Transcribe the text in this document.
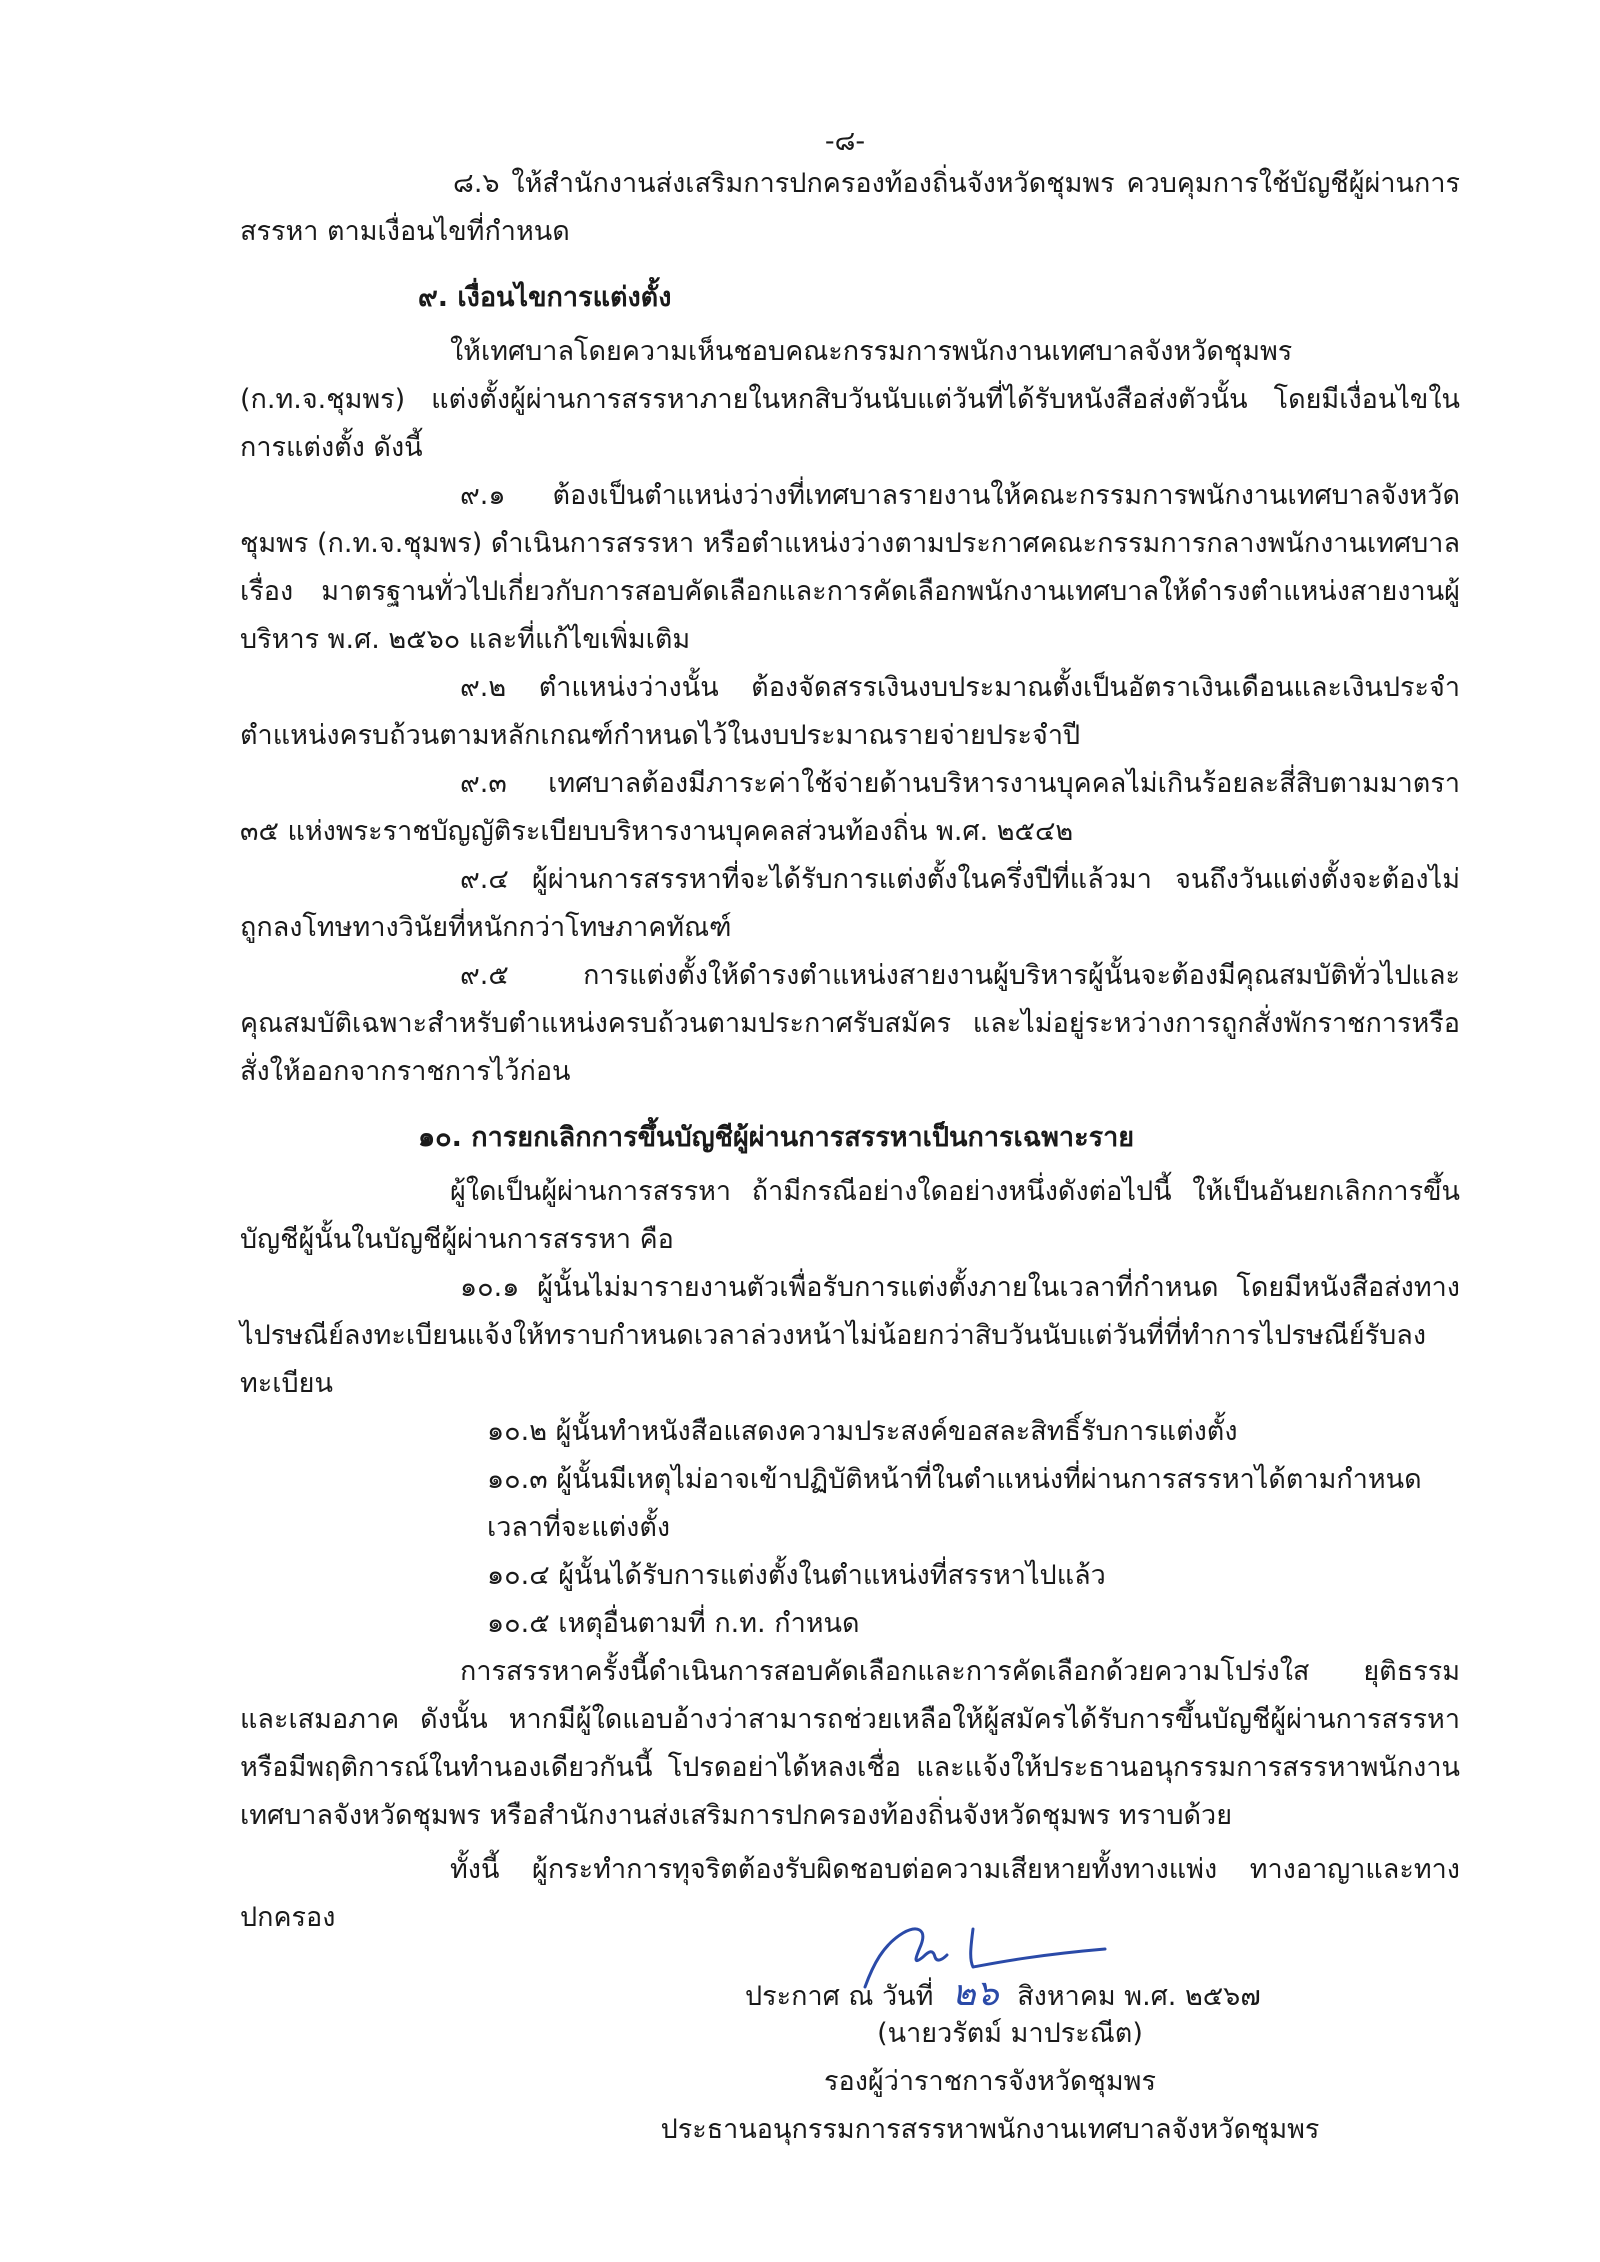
-๘-

๘.๖ ให้สำนักงานส่งเสริมการปกครองท้องถิ่นจังหวัดชุมพร ควบคุมการใช้บัญชีผู้ผ่านการสรรหา ตามเงื่อนไขที่กำหนด

๙. เงื่อนไขการแต่งตั้ง

ให้เทศบาลโดยความเห็นชอบคณะกรรมการพนักงานเทศบาลจังหวัดชุมพร (ก.ท.จ.ชุมพร) แต่งตั้งผู้ผ่านการสรรหาภายในหกสิบวันนับแต่วันที่ได้รับหนังสือส่งตัวนั้น โดยมีเงื่อนไขในการแต่งตั้ง ดังนี้

๙.๑ ต้องเป็นตำแหน่งว่างที่เทศบาลรายงานให้คณะกรรมการพนักงานเทศบาลจังหวัดชุมพร (ก.ท.จ.ชุมพร) ดำเนินการสรรหา หรือตำแหน่งว่างตามประกาศคณะกรรมการกลางพนักงานเทศบาล เรื่อง มาตรฐานทั่วไปเกี่ยวกับการสอบคัดเลือกและการคัดเลือกพนักงานเทศบาลให้ดำรงตำแหน่งสายงานผู้บริหาร พ.ศ. ๒๕๖๐ และที่แก้ไขเพิ่มเติม

๙.๒ ตำแหน่งว่างนั้น ต้องจัดสรรเงินงบประมาณตั้งเป็นอัตราเงินเดือนและเงินประจำตำแหน่งครบถ้วนตามหลักเกณฑ์กำหนดไว้ในงบประมาณรายจ่ายประจำปี

๙.๓ เทศบาลต้องมีภาระค่าใช้จ่ายด้านบริหารงานบุคคลไม่เกินร้อยละสี่สิบตามมาตรา ๓๕ แห่งพระราชบัญญัติระเบียบบริหารงานบุคคลส่วนท้องถิ่น พ.ศ. ๒๕๔๒

๙.๔ ผู้ผ่านการสรรหาที่จะได้รับการแต่งตั้งในครึ่งปีที่แล้วมา จนถึงวันแต่งตั้งจะต้องไม่ถูกลงโทษทางวินัยที่หนักกว่าโทษภาคทัณฑ์

๙.๕ การแต่งตั้งให้ดำรงตำแหน่งสายงานผู้บริหารผู้นั้นจะต้องมีคุณสมบัติทั่วไปและคุณสมบัติเฉพาะสำหรับตำแหน่งครบถ้วนตามประกาศรับสมัคร และไม่อยู่ระหว่างการถูกสั่งพักราชการหรือสั่งให้ออกจากราชการไว้ก่อน

๑๐. การยกเลิกการขึ้นบัญชีผู้ผ่านการสรรหาเป็นการเฉพาะราย

ผู้ใดเป็นผู้ผ่านการสรรหา ถ้ามีกรณีอย่างใดอย่างหนึ่งดังต่อไปนี้ ให้เป็นอันยกเลิกการขึ้นบัญชีผู้นั้นในบัญชีผู้ผ่านการสรรหา คือ

๑๐.๑ ผู้นั้นไม่มารายงานตัวเพื่อรับการแต่งตั้งภายในเวลาที่กำหนด โดยมีหนังสือส่งทางไปรษณีย์ลงทะเบียนแจ้งให้ทราบกำหนดเวลาล่วงหน้าไม่น้อยกว่าสิบวันนับแต่วันที่ที่ทำการไปรษณีย์รับลงทะเบียน

๑๐.๒ ผู้นั้นทำหนังสือแสดงความประสงค์ขอสละสิทธิ์รับการแต่งตั้ง

๑๐.๓ ผู้นั้นมีเหตุไม่อาจเข้าปฏิบัติหน้าที่ในตำแหน่งที่ผ่านการสรรหาได้ตามกำหนดเวลาที่จะแต่งตั้ง

๑๐.๔ ผู้นั้นได้รับการแต่งตั้งในตำแหน่งที่สรรหาไปแล้ว

๑๐.๕ เหตุอื่นตามที่ ก.ท. กำหนด

การสรรหาครั้งนี้ดำเนินการสอบคัดเลือกและการคัดเลือกด้วยความโปร่งใส ยุติธรรมและเสมอภาค ดังนั้น หากมีผู้ใดแอบอ้างว่าสามารถช่วยเหลือให้ผู้สมัครได้รับการขึ้นบัญชีผู้ผ่านการสรรหา หรือมีพฤติการณ์ในทำนองเดียวกันนี้ โปรดอย่าได้หลงเชื่อ และแจ้งให้ประธานอนุกรรมการสรรหาพนักงานเทศบาลจังหวัดชุมพร หรือสำนักงานส่งเสริมการปกครองท้องถิ่นจังหวัดชุมพร ทราบด้วย

ทั้งนี้ ผู้กระทำการทุจริตต้องรับผิดชอบต่อความเสียหายทั้งทางแพ่ง ทางอาญาและทางปกครอง

ประกาศ ณ วันที่ ๒๖ สิงหาคม พ.ศ. ๒๕๖๗

(นายวรัตม์ มาประณีต)
รองผู้ว่าราชการจังหวัดชุมพร
ประธานอนุกรรมการสรรหาพนักงานเทศบาลจังหวัดชุมพร
